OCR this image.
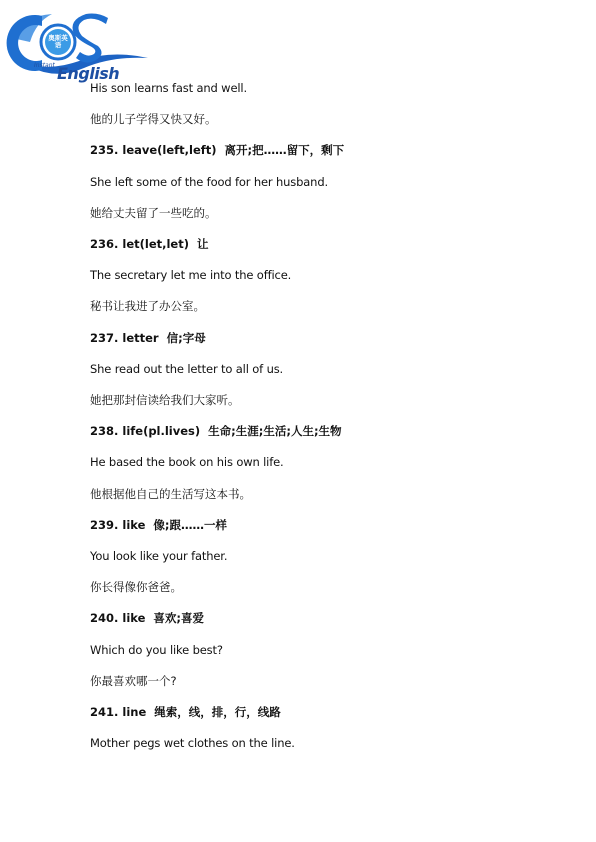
Instant English
奥斯英语
His son learns fast and well.
他的儿子学得又快又好。
235. leave(left,left) 离开;把……留下，剩下
She left some of the food for her husband.
她给丈夫留了一些吃的。
236. let(let,let) 让
The secretary let me into the office.
秘书让我进了办公室。
237. letter 信;字母
She read out the letter to all of us.
她把那封信读给我们大家听。
238. life(pl.lives) 生命;生涯;生活;人生;生物
He based the book on his own life.
他根据他自己的生活写这本书。
239. like 像;跟……一样
You look like your father.
你长得像你爸爸。
240. like 喜欢;喜爱
Which do you like best?
你最喜欢哪一个?
241. line 绳索，线，排，行，线路
Mother pegs wet clothes on the line.
